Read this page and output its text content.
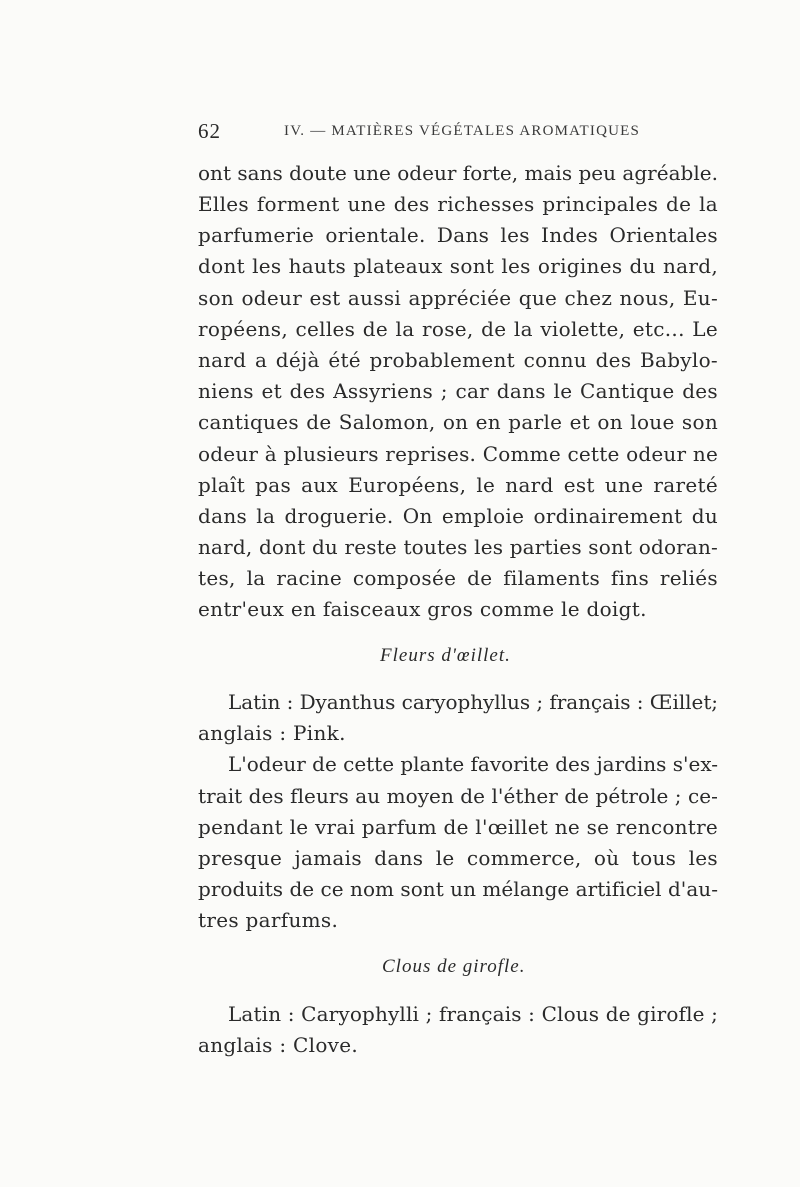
62	IV. — MATIÈRES VÉGÉTALES AROMATIQUES
ont sans doute une odeur forte, mais peu agréable.
Elles forment une des richesses principales de la
parfumerie orientale. Dans les Indes Orientales
dont les hauts plateaux sont les origines du nard,
son odeur est aussi appréciée que chez nous, Eu-
ropéens, celles de la rose, de la violette, etc... Le
nard a déjà été probablement connu des Babylo-
niens et des Assyriens ; car dans le Cantique des
cantiques de Salomon, on en parle et on loue son
odeur à plusieurs reprises. Comme cette odeur ne
plaît pas aux Européens, le nard est une rareté
dans la droguerie. On emploie ordinairement du
nard, dont du reste toutes les parties sont odoran-
tes, la racine composée de filaments fins reliés
entr'eux en faisceaux gros comme le doigt.
Fleurs d'œillet.
Latin : Dyanthus caryophyllus ; français : Œillet;
anglais : Pink.
L'odeur de cette plante favorite des jardins s'ex-
trait des fleurs au moyen de l'éther de pétrole ; ce-
pendant le vrai parfum de l'œillet ne se rencontre
presque jamais dans le commerce, où tous les
produits de ce nom sont un mélange artificiel d'au-
tres parfums.
Clous de girofle.
Latin : Caryophylli ; français : Clous de girofle ;
anglais : Clove.
